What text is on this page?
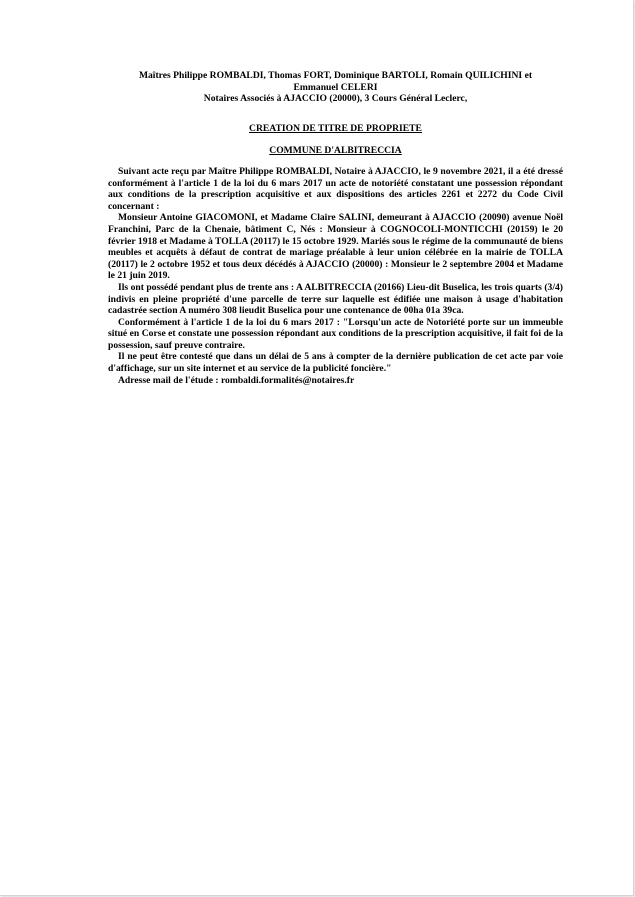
Maîtres Philippe ROMBALDI, Thomas FORT, Dominique BARTOLI, Romain QUILICHINI et
Emmanuel CELERI
Notaires Associés à AJACCIO (20000), 3 Cours Général Leclerc,
CREATION DE TITRE DE PROPRIETE
COMMUNE D'ALBITRECCIA

Suivant acte reçu par Maître Philippe ROMBALDI, Notaire à AJACCIO, le 9 novembre 2021, il a été dressé conformément à l'article 1 de la loi du 6 mars 2017 un acte de notoriété constatant une possession répondant aux conditions de la prescription acquisitive et aux dispositions des articles 2261 et 2272 du Code Civil concernant :

Monsieur Antoine GIACOMONI, et Madame Claire SALINI, demeurant à AJACCIO (20090) avenue Noël Franchini, Parc de la Chenaie, bâtiment C, Nés : Monsieur à COGNOCOLI-MONTICCHI (20159) le 20 février 1918 et Madame à TOLLA (20117) le 15 octobre 1929. Mariés sous le régime de la communauté de biens meubles et acquêts à défaut de contrat de mariage préalable à leur union célébrée en la mairie de TOLLA (20117) le 2 octobre 1952 et tous deux décédés à AJACCIO (20000) : Monsieur le 2 septembre 2004 et Madame le 21 juin 2019.

Ils ont possédé pendant plus de trente ans : A ALBITRECCIA (20166) Lieu-dit Buselica, les trois quarts (3/4) indivis en pleine propriété d'une parcelle de terre sur laquelle est édifiée une maison à usage d'habitation cadastrée section A numéro 308 lieudit Buselica pour une contenance de 00ha 01a 39ca.

Conformément à l'article 1 de la loi du 6 mars 2017 : "Lorsqu'un acte de Notoriété porte sur un immeuble situé en Corse et constate une possession répondant aux conditions de la prescription acquisitive, il fait foi de la possession, sauf preuve contraire.

Il ne peut être contesté que dans un délai de 5 ans à compter de la dernière publication de cet acte par voie d'affichage, sur un site internet et au service de la publicité foncière."

Adresse mail de l'étude : rombaldi.formalités@notaires.fr
